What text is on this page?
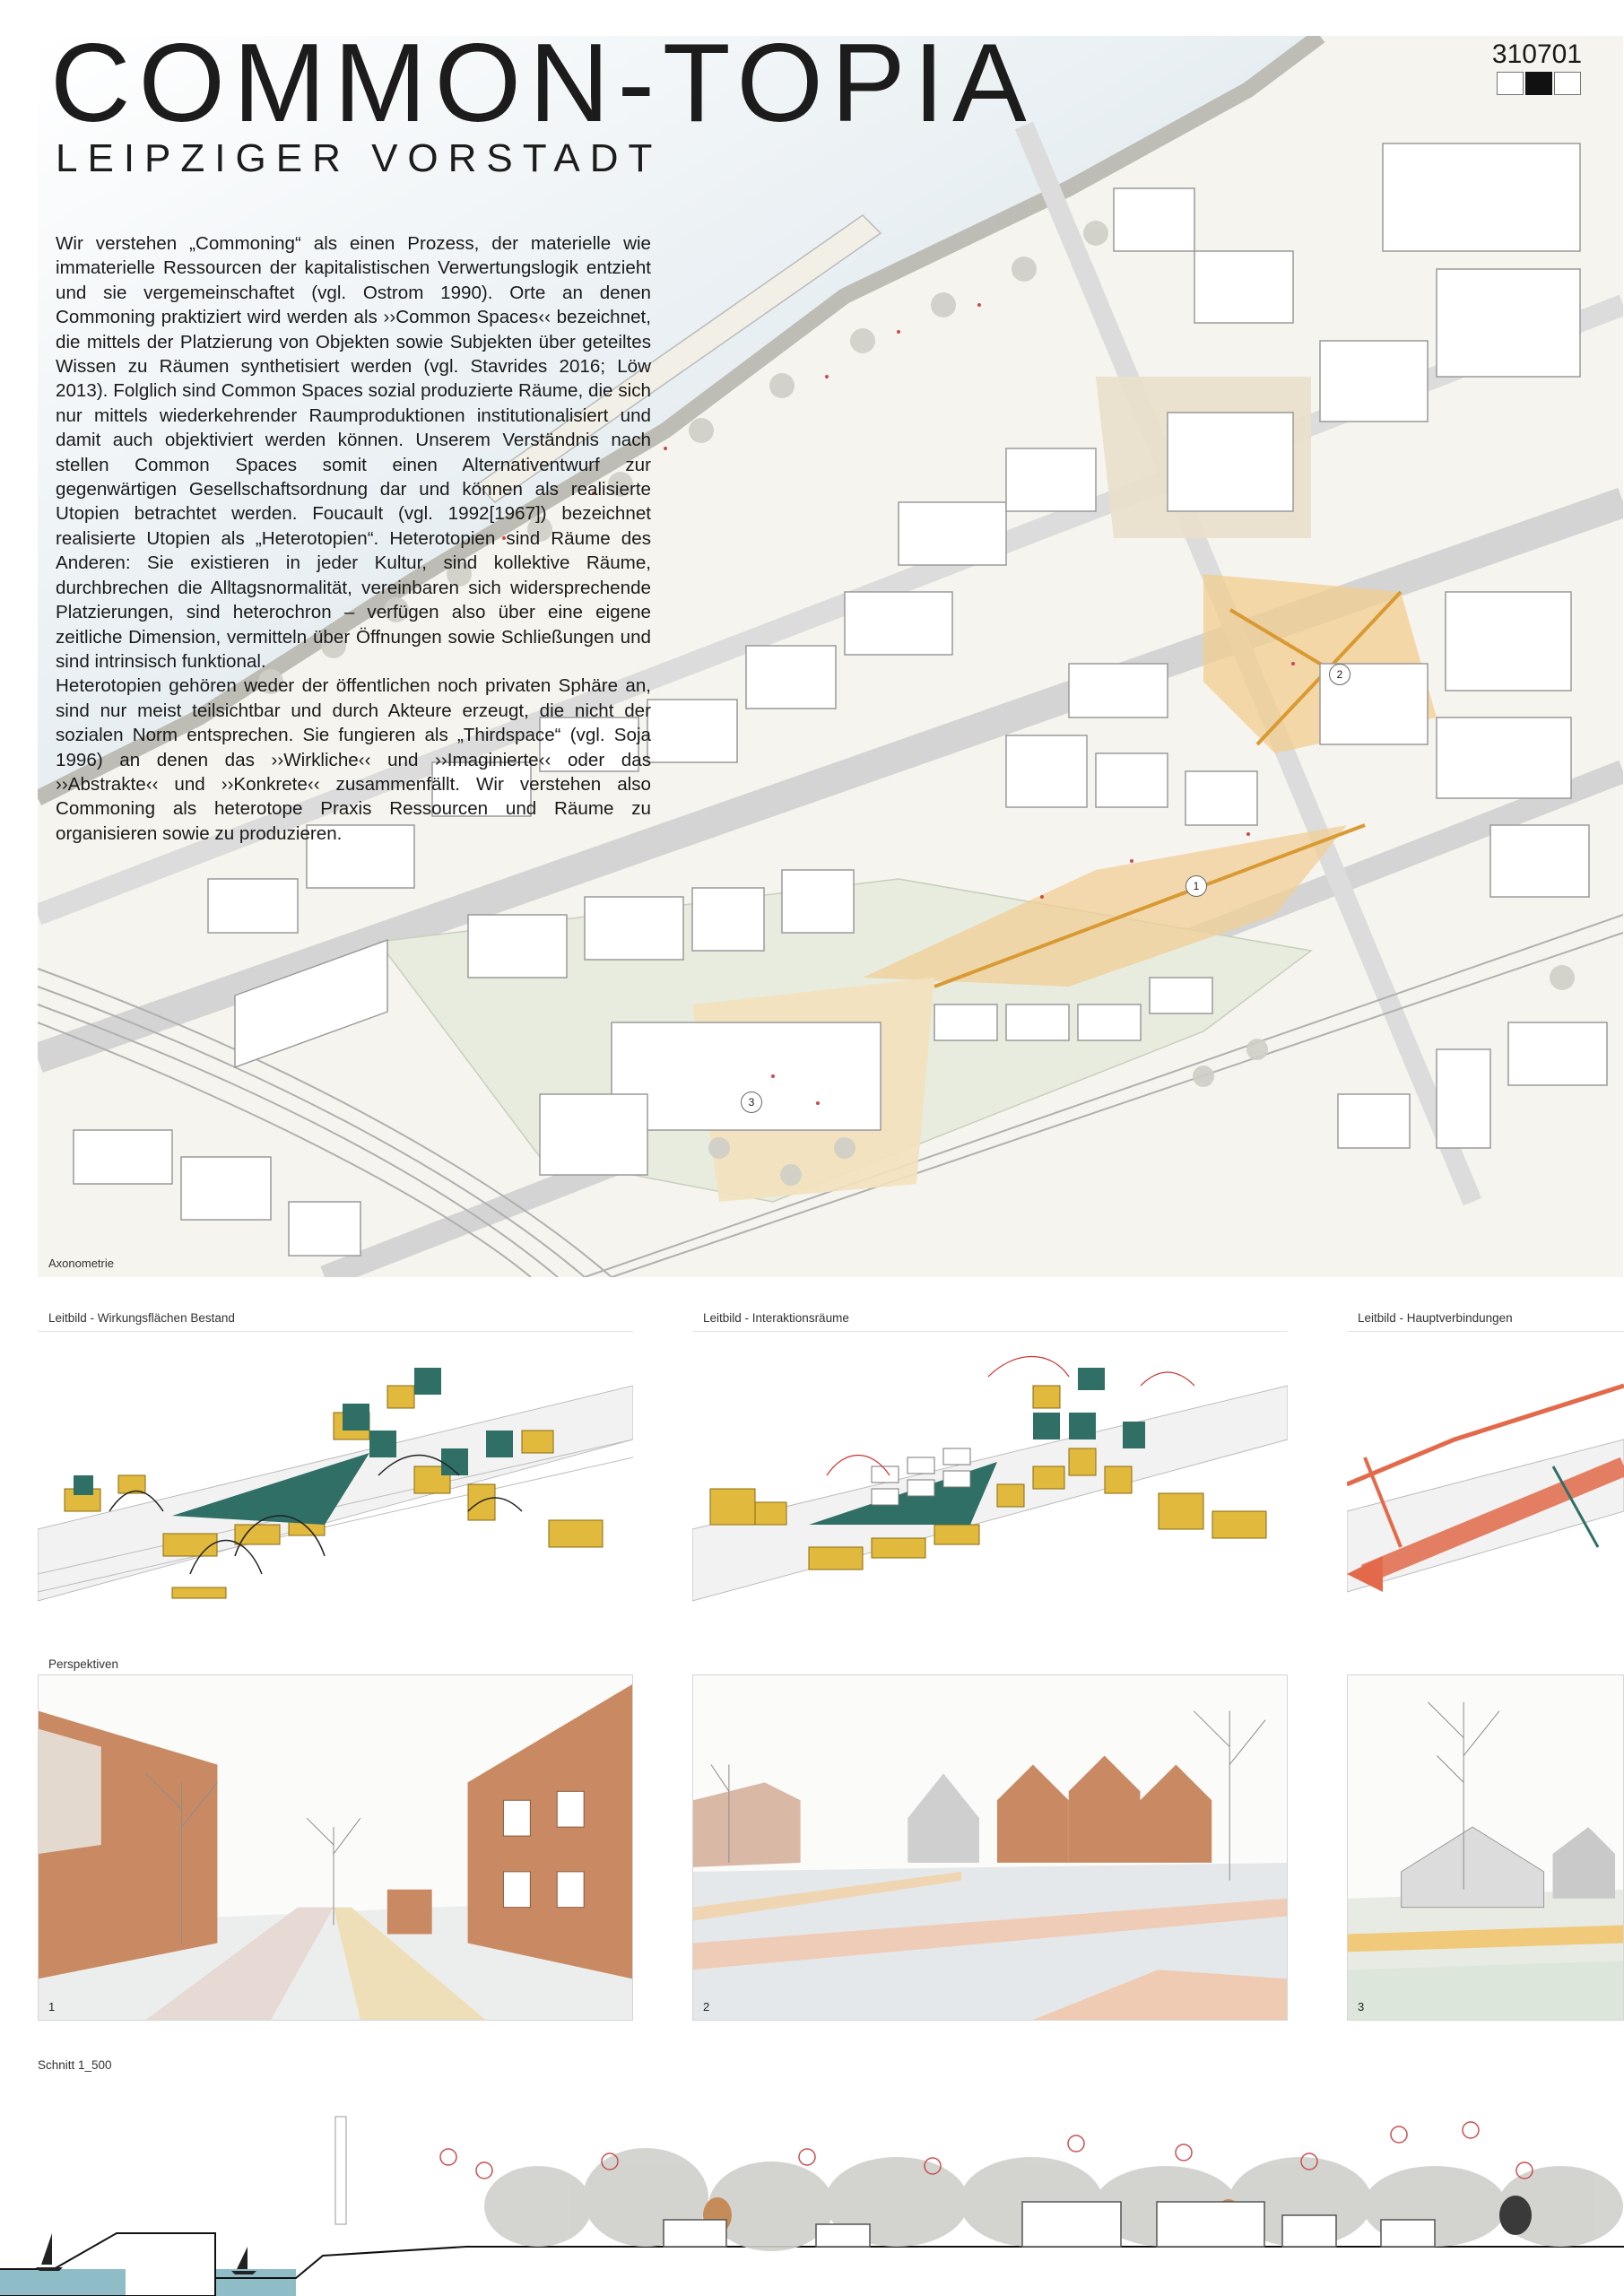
COMMON-TOPIA
LEIPZIGER VORSTADT
310701
1
2
3
Axonometrie

Wir verstehen „Commoning“ als einen Prozess, der materielle wie immaterielle Ressourcen der kapitalistischen Verwertungslogik entzieht und sie vergemeinschaftet (vgl. Ostrom 1990). Orte an denen Commoning praktiziert wird werden als ››Common Spaces‹‹ bezeichnet, die mittels der Platzierung von Objekten sowie Subjekten über geteiltes Wissen zu Räumen synthetisiert werden (vgl. Stavrides 2016; Löw 2013). Folglich sind Common Spaces sozial produzierte Räume, die sich nur mittels wiederkehrender Raumproduktionen institutionalisiert und damit auch objektiviert werden können. Unserem Verständnis nach stellen Common Spaces somit einen Alternativentwurf zur gegenwärtigen Gesellschaftsordnung dar und können als realisierte Utopien betrachtet werden. Foucault (vgl. 1992[1967]) bezeichnet realisierte Utopien als „Heterotopien“. Heterotopien sind Räume des Anderen: Sie existieren in jeder Kultur, sind kollektive Räume, durchbrechen die Alltagsnormalität, vereinbaren sich widersprechende Platzierungen, sind heterochron – verfügen also über eine eigene zeitliche Dimension, vermitteln über Öffnungen sowie Schließungen und sind intrinsisch funktional.

Heterotopien gehören weder der öffentlichen noch privaten Sphäre an, sind nur meist teilsichtbar und durch Akteure erzeugt, die nicht der sozialen Norm entsprechen. Sie fungieren als „Thirdspace“ (vgl. Soja 1996) an denen das ››Wirkliche‹‹ und ››Imaginierte‹‹ oder das ››Abstrakte‹‹ und ››Konkrete‹‹ zusammenfällt. Wir verstehen also Commoning als heterotope Praxis Ressourcen und Räume zu organisieren sowie zu produzieren.

Leitbild - Wirkungsflächen Bestand	Leitbild - Interaktionsräume	Leitbild - Hauptverbindungen
Perspektiven
1	2	3
Schnitt 1_500
